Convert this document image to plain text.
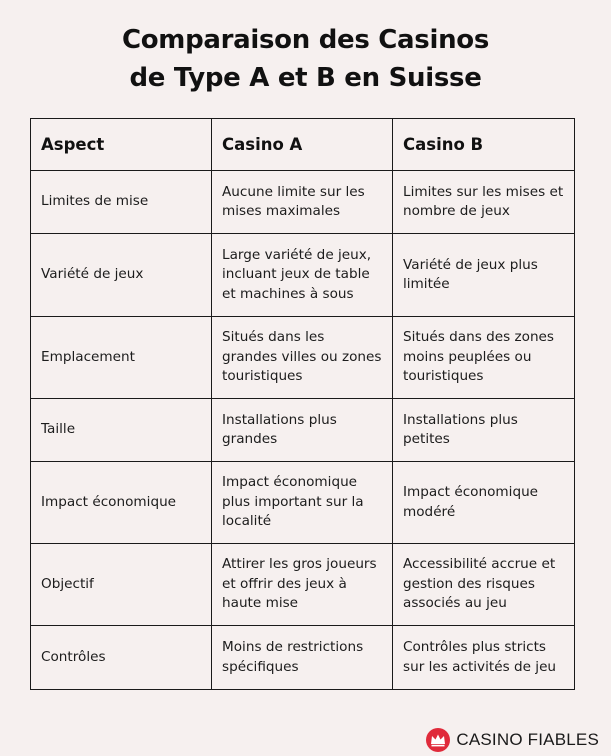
Comparaison des Casinos
de Type A et B en Suisse
Aspect	Casino A	Casino B
Limites de mise	Aucune limite sur les mises maximales	Limites sur les mises et nombre de jeux
Variété de jeux	Large variété de jeux, incluant jeux de table et machines à sous	Variété de jeux plus limitée
Emplacement	Situés dans les grandes villes ou zones touristiques	Situés dans des zones moins peuplées ou touristiques
Taille	Installations plus grandes	Installations plus petites
Impact économique	Impact économique plus important sur la localité	Impact économique modéré
Objectif	Attirer les gros joueurs et offrir des jeux à haute mise	Accessibilité accrue et gestion des risques associés au jeu
Contrôles	Moins de restrictions spécifiques	Contrôles plus stricts sur les activités de jeu
CASINO FIABLES
